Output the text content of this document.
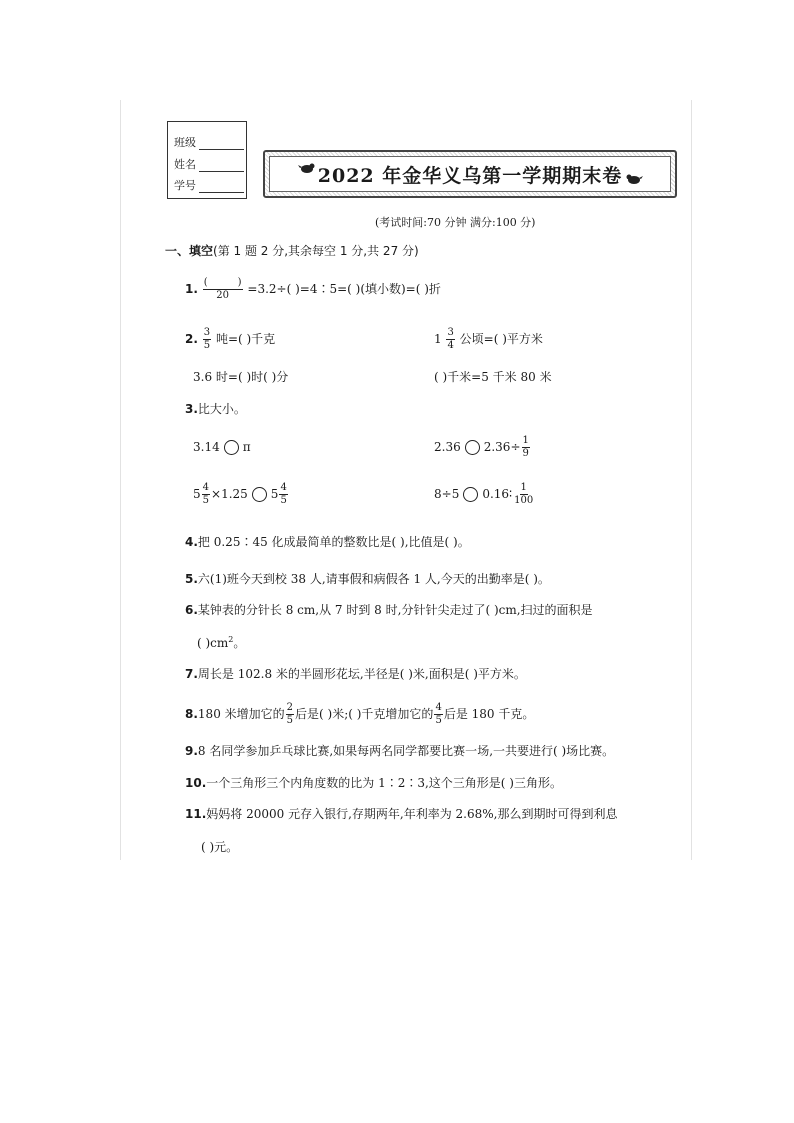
班级
姓名
学号	2022 年金华义乌第一学期期末卷
(考试时间:70 分钟 满分:100 分)
一、填空(第 1 题 2 分,其余每空 1 分,共 27 分)
1. (	)
20 =3.2÷( )=4∶5=( )(填小数)=( )折
2. $\frac{3}{5}$ 吨=( )千克	$1 \frac{3}{4}$ 公顷=( )平方米
3.6 时=( )时( )分	( )千米=5 千米 80 米
3.比大小。
3.14 π	2.36 $2.36\div \frac{1}{9}$
$5 \frac{4}{5} \times 1.25$ $5 \frac{4}{5}$	8÷5 0.16∶ $\frac{1}{100}$
4.把 0.25∶45 化成最简单的整数比是( ),比值是( )。
5.六(1)班今天到校 38 人,请事假和病假各 1 人,今天的出勤率是( )。
6.某钟表的分针长 8 cm,从 7 时到 8 时,分针针尖走过了( )cm,扫过的面积是
( )$cm^2$。
7.周长是 102.8 米的半圆形花坛,半径是( )米,面积是( )平方米。
8.180 米增加它的 $\frac{2}{5}$ 后是( )米;( )千克增加它的 $\frac{4}{5}$ 后是 180 千克。
9.8 名同学参加乒乓球比赛,如果每两名同学都要比赛一场,一共要进行( )场比赛。
10.一个三角形三个内角度数的比为 1∶2∶3,这个三角形是( )三角形。
11.妈妈将 20000 元存入银行,存期两年,年利率为 2.68%,那么到期时可得到利息
( )元。
